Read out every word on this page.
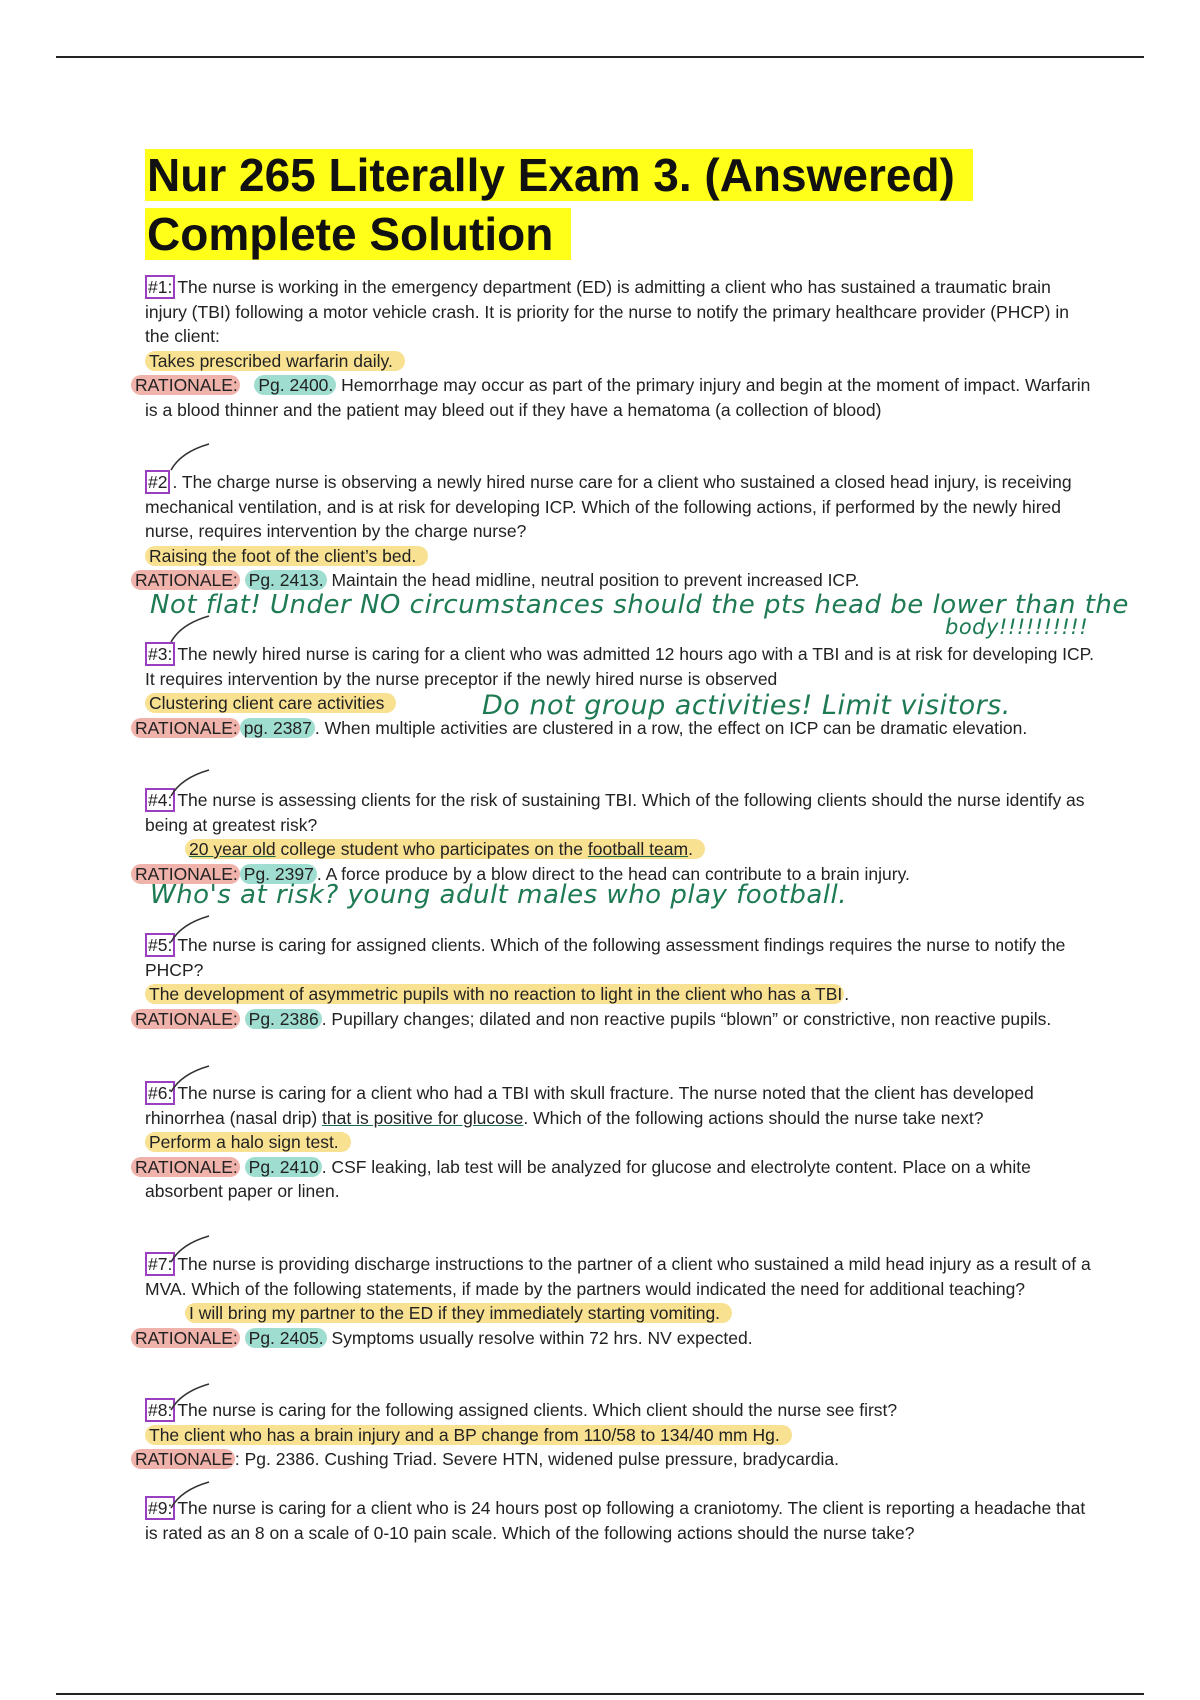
Nur 265 Literally Exam 3. (Answered)
Complete Solution

#1: The nurse is working in the emergency department (ED) is admitting a client who has sustained a traumatic brain injury (TBI) following a motor vehicle crash. It is priority for the nurse to notify the primary healthcare provider (PHCP) in the client:

Takes prescribed warfarin daily.

RATIONALE: Pg. 2400. Hemorrhage may occur as part of the primary injury and begin at the moment of impact. Warfarin is a blood thinner and the patient may bleed out if they have a hematoma (a collection of blood)

#2 . The charge nurse is observing a newly hired nurse care for a client who sustained a closed head injury, is receiving mechanical ventilation, and is at risk for developing ICP. Which of the following actions, if performed by the newly hired nurse, requires intervention by the charge nurse?

Raising the foot of the client’s bed.

RATIONALE: Pg. 2413. Maintain the head midline, neutral position to prevent increased ICP.

Not flat! Under NO circumstances should the pts head be lower than the
body!!!!!!!!!!

#3: The newly hired nurse is caring for a client who was admitted 12 hours ago with a TBI and is at risk for developing ICP. It requires intervention by the nurse preceptor if the newly hired nurse is observed

Clustering client care activities

RATIONALE: pg. 2387 . When multiple activities are clustered in a row, the effect on ICP can be dramatic elevation.

Do not group activities! Limit visitors.

#4: The nurse is assessing clients for the risk of sustaining TBI. Which of the following clients should the nurse identify as being at greatest risk?

20 year old college student who participates on the football team.

RATIONALE: Pg. 2397 . A force produce by a blow direct to the head can contribute to a brain injury.

Who's at risk? young adult males who play football.

#5: The nurse is caring for assigned clients. Which of the following assessment findings requires the nurse to notify the PHCP?

The development of asymmetric pupils with no reaction to light in the client who has a TBI .

RATIONALE: Pg. 2386 . Pupillary changes; dilated and non reactive pupils “blown” or constrictive, non reactive pupils.

#6: The nurse is caring for a client who had a TBI with skull fracture. The nurse noted that the client has developed rhinorrhea (nasal drip) that is positive for glucose. Which of the following actions should the nurse take next?

Perform a halo sign test.

RATIONALE: Pg. 2410 . CSF leaking, lab test will be analyzed for glucose and electrolyte content. Place on a white absorbent paper or linen.

#7: The nurse is providing discharge instructions to the partner of a client who sustained a mild head injury as a result of a MVA. Which of the following statements, if made by the partners would indicated the need for additional teaching?

I will bring my partner to the ED if they immediately starting vomiting.

RATIONALE: Pg. 2405. Symptoms usually resolve within 72 hrs. NV expected.

#8: The nurse is caring for the following assigned clients. Which client should the nurse see first?

The client who has a brain injury and a BP change from 110/58 to 134/40 mm Hg.

RATIONALE : Pg. 2386. Cushing Triad. Severe HTN, widened pulse pressure, bradycardia.

#9: The nurse is caring for a client who is 24 hours post op following a craniotomy. The client is reporting a headache that is rated as an 8 on a scale of 0-10 pain scale. Which of the following actions should the nurse take?
